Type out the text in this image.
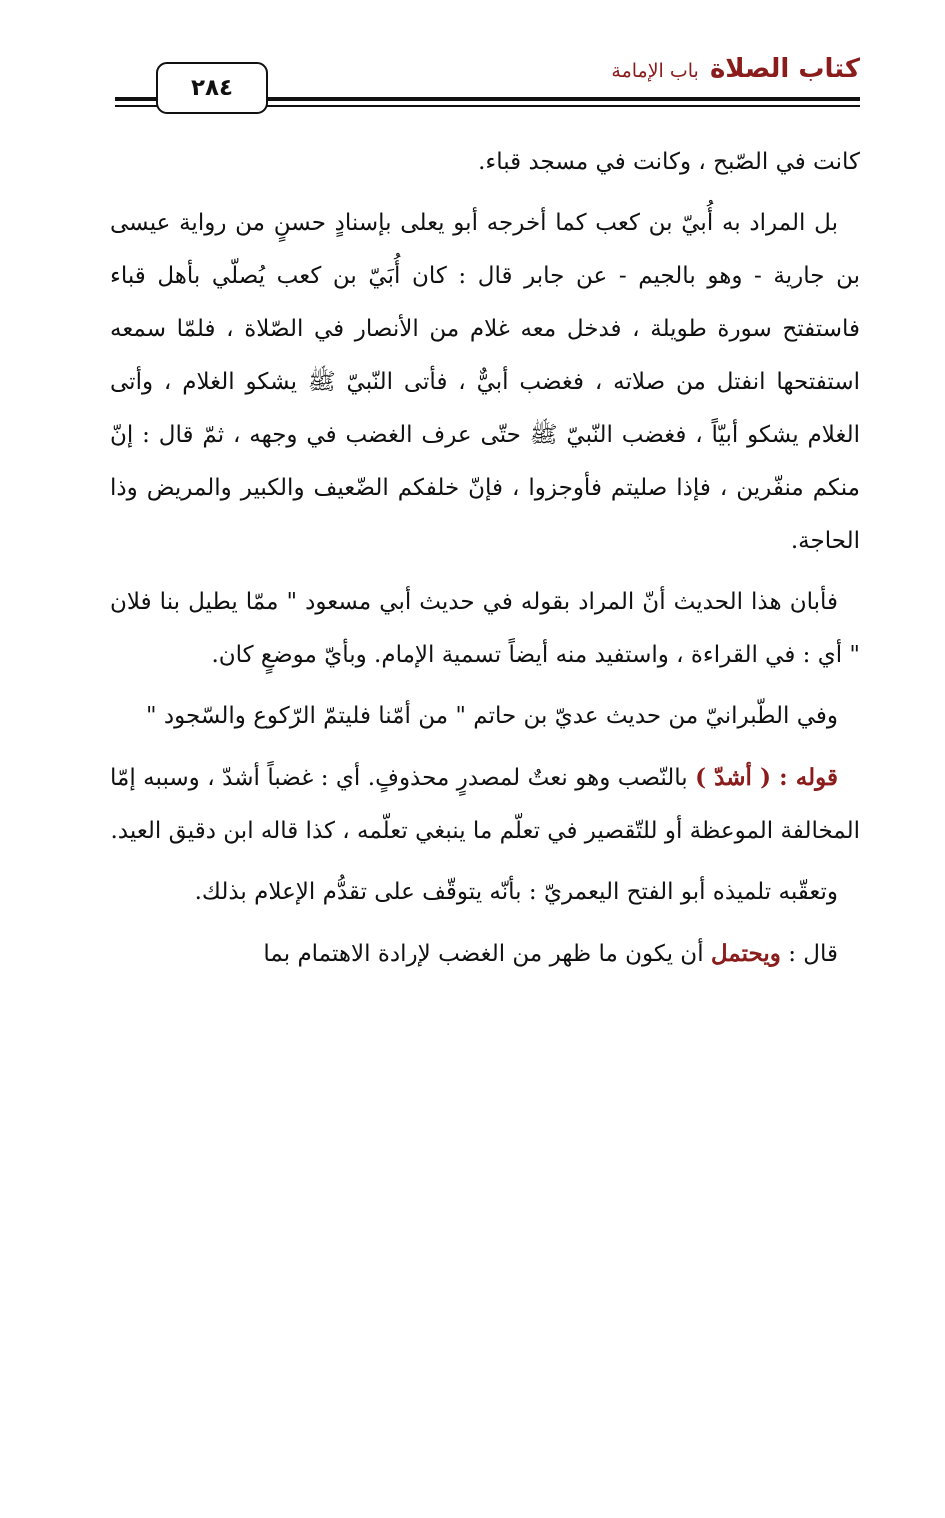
كتاب الصلاة باب الإمامة
٢٨٤

كانت في الصّبح ، وكانت في مسجد قباء.

بل المراد به أُبيّ بن كعب كما أخرجه أبو يعلى بإسنادٍ حسنٍ من رواية عيسى بن جارية - وهو بالجيم - عن جابر قال : كان أُبَيّ بن كعب يُصلّي بأهل قباء فاستفتح سورة طويلة ، فدخل معه غلام من الأنصار في الصّلاة ، فلمّا سمعه استفتحها انفتل من صلاته ، فغضب أبيٌّ ، فأتى النّبيّ ﷺ يشكو الغلام ، وأتى الغلام يشكو أبيّاً ، فغضب النّبيّ ﷺ حتّى عرف الغضب في وجهه ، ثمّ قال : إنّ منكم منفّرين ، فإذا صليتم فأوجزوا ، فإنّ خلفكم الضّعيف والكبير والمريض وذا الحاجة.

فأبان هذا الحديث أنّ المراد بقوله في حديث أبي مسعود " ممّا يطيل بنا فلان " أي : في القراءة ، واستفيد منه أيضاً تسمية الإمام. وبأيّ موضعٍ كان.

وفي الطّبرانيّ من حديث عديّ بن حاتم " من أمّنا فليتمّ الرّكوع والسّجود "

قوله : ( أشدّ ) بالنّصب وهو نعتٌ لمصدرٍ محذوفٍ. أي : غضباً أشدّ ، وسببه إمّا المخالفة الموعظة أو للتّقصير في تعلّم ما ينبغي تعلّمه ، كذا قاله ابن دقيق العيد.

وتعقّبه تلميذه أبو الفتح اليعمريّ : بأنّه يتوقّف على تقدُّم الإعلام بذلك.

قال : ويحتمل أن يكون ما ظهر من الغضب لإرادة الاهتمام بما
